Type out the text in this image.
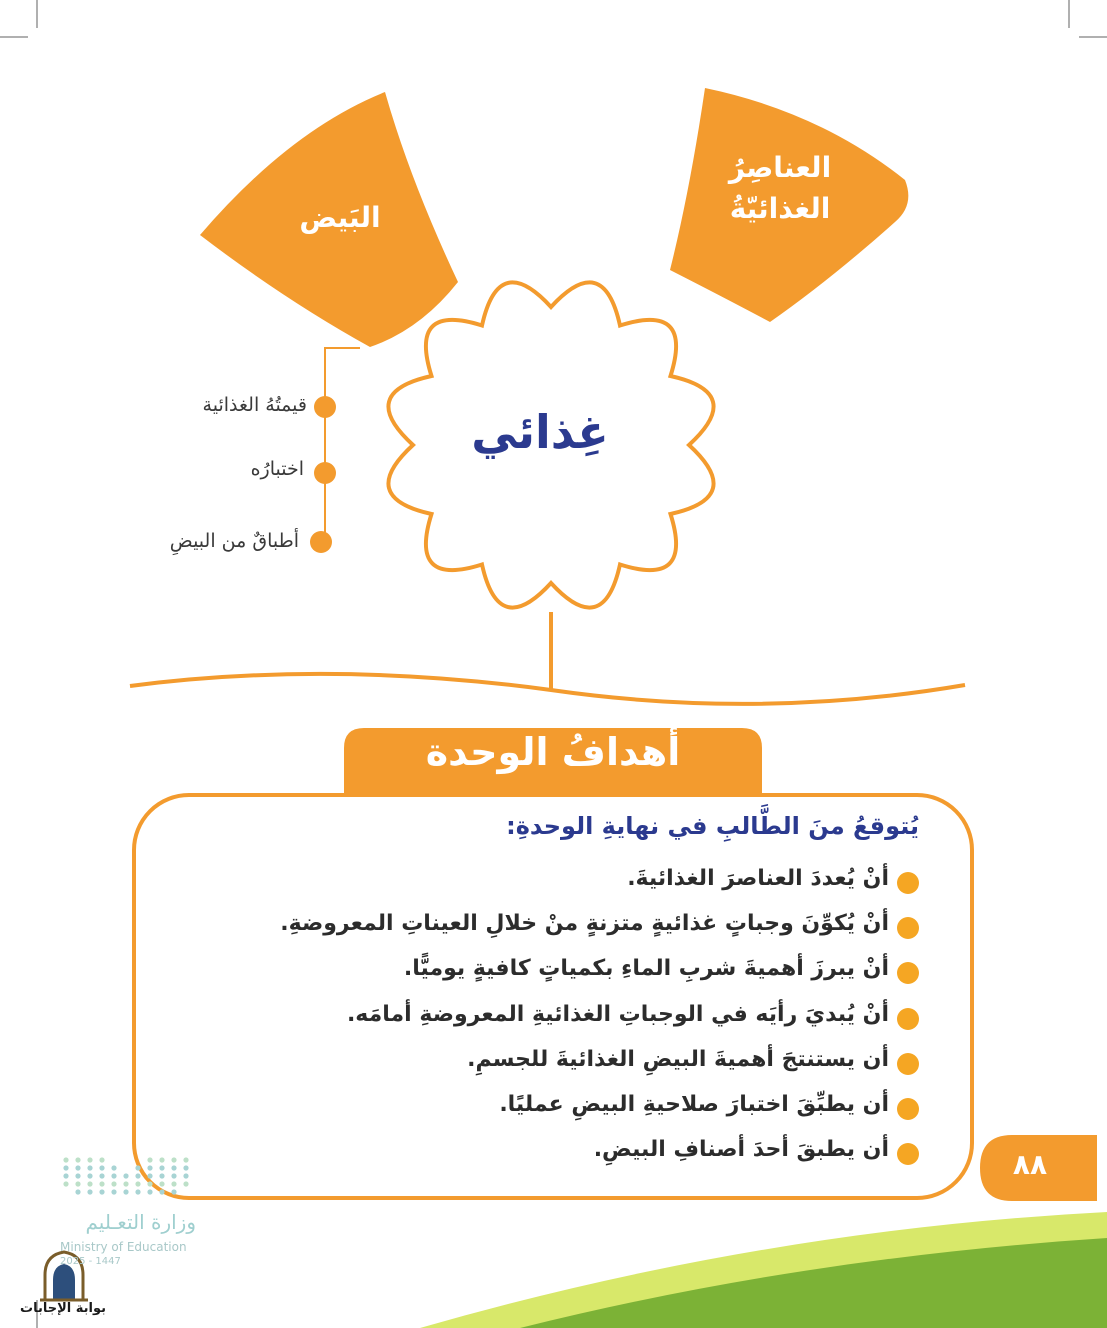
البَيض
العناصِرُ
الغذائيّةُ
غِذائي
قيمتُهُ الغذائية
اختبارُه
أطباقٌ من البيضِ
أهدافُ الوحدة
يُتوقعُ منَ الطَّالبِ في نهايةِ الوحدةِ:
أنْ يُعددَ العناصرَ الغذائيةَ.
أنْ يُكوِّنَ وجباتٍ غذائيةٍ متزنةٍ منْ خلالِ العيناتِ المعروضةِ.
أنْ يبرزَ أهميةَ شربِ الماءِ بكمياتٍ كافيةٍ يوميًّا.
أنْ يُبديَ رأيَه في الوجباتِ الغذائيةِ المعروضةِ أمامَه.
أن يستنتجَ أهميةَ البيضِ الغذائيةَ للجسمِ.
أن يطبِّقَ اختبارَ صلاحيةِ البيضِ عمليًا.
أن يطبقَ أحدَ أصنافِ البيضِ.	٨٨
وزارة التعـليم
Ministry of Education
2025 - 1447
بوابة الإجابات
